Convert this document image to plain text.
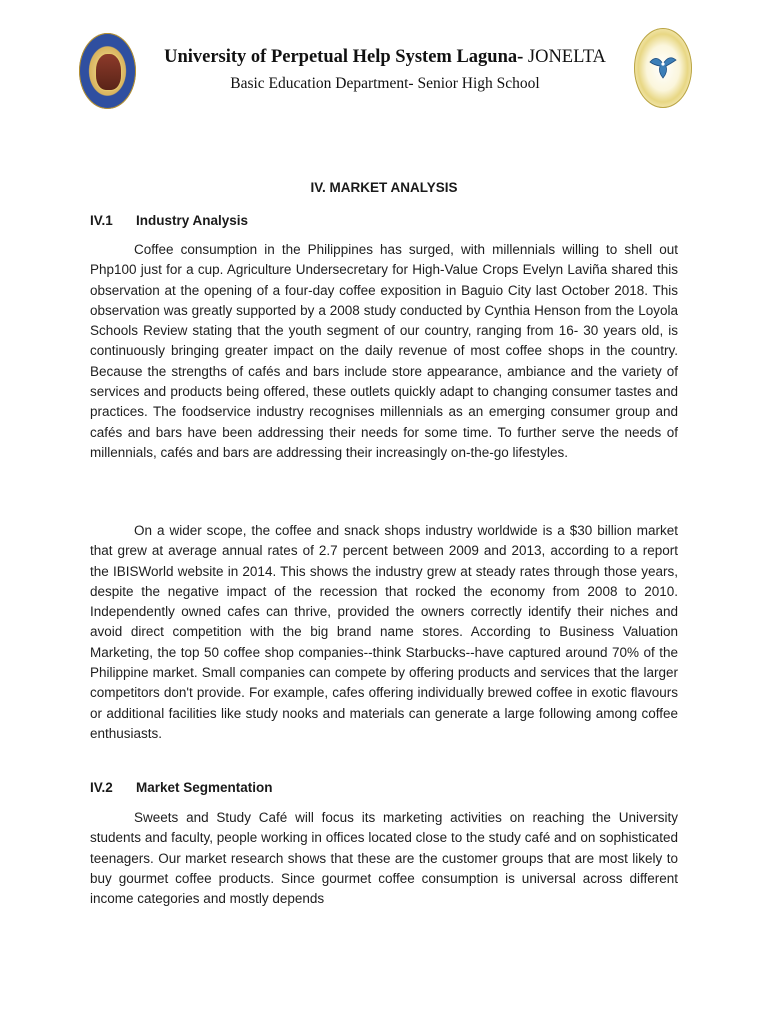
University of Perpetual Help System Laguna- JONELTA
Basic Education Department- Senior High School
IV. MARKET ANALYSIS
IV.1 Industry Analysis

Coffee consumption in the Philippines has surged, with millennials willing to shell out Php100 just for a cup. Agriculture Undersecretary for High-Value Crops Evelyn Laviña shared this observation at the opening of a four-day coffee exposition in Baguio City last October 2018. This observation was greatly supported by a 2008 study conducted by Cynthia Henson from the Loyola Schools Review stating that the youth segment of our country, ranging from 16- 30 years old, is continuously bringing greater impact on the daily revenue of most coffee shops in the country. Because the strengths of cafés and bars include store appearance, ambiance and the variety of services and products being offered, these outlets quickly adapt to changing consumer tastes and practices. The foodservice industry recognises millennials as an emerging consumer group and cafés and bars have been addressing their needs for some time. To further serve the needs of millennials, cafés and bars are addressing their increasingly on-the-go lifestyles.

On a wider scope, the coffee and snack shops industry worldwide is a $30 billion market that grew at average annual rates of 2.7 percent between 2009 and 2013, according to a report the IBISWorld website in 2014. This shows the industry grew at steady rates through those years, despite the negative impact of the recession that rocked the economy from 2008 to 2010. Independently owned cafes can thrive, provided the owners correctly identify their niches and avoid direct competition with the big brand name stores. According to Business Valuation Marketing, the top 50 coffee shop companies--think Starbucks--have captured around 70% of the Philippine market. Small companies can compete by offering products and services that the larger competitors don't provide. For example, cafes offering individually brewed coffee in exotic flavours or additional facilities like study nooks and materials can generate a large following among coffee enthusiasts.

IV.2 Market Segmentation

Sweets and Study Café will focus its marketing activities on reaching the University students and faculty, people working in offices located close to the study café and on sophisticated teenagers. Our market research shows that these are the customer groups that are most likely to buy gourmet coffee products. Since gourmet coffee consumption is universal across different income categories and mostly depends
